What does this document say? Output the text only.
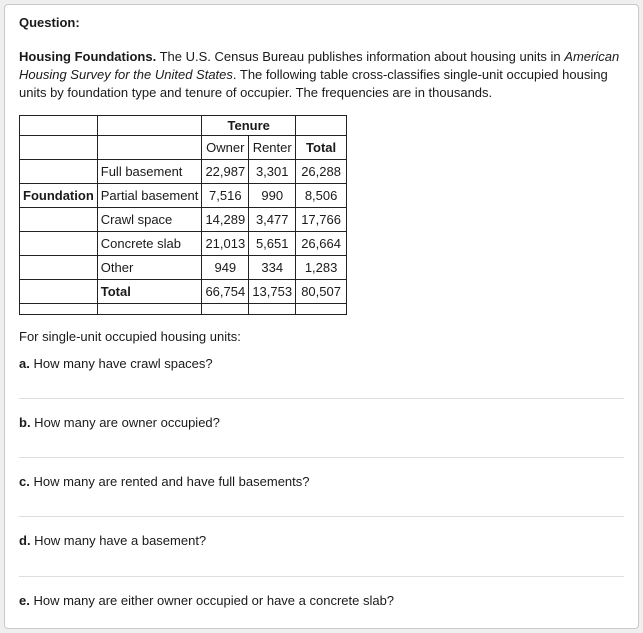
Question:

Housing Foundations. The U.S. Census Bureau publishes information about housing units in American Housing Survey for the United States. The following table cross-classifies single-unit occupied housing units by foundation type and tenure of occupier. The frequencies are in thousands.

		Tenure		
		Owner	Renter	Total
	Full basement	22,987	3,301	26,288
Foundation	Partial basement	7,516	990	8,506
	Crawl space	14,289	3,477	17,766
	Concrete slab	21,013	5,651	26,664
	Other	949	334	1,283
	Total	66,754	13,753	80,507

For single-unit occupied housing units:

a. How many have crawl spaces?

b. How many are owner occupied?

c. How many are rented and have full basements?

d. How many have a basement?

e. How many are either owner occupied or have a concrete slab?
